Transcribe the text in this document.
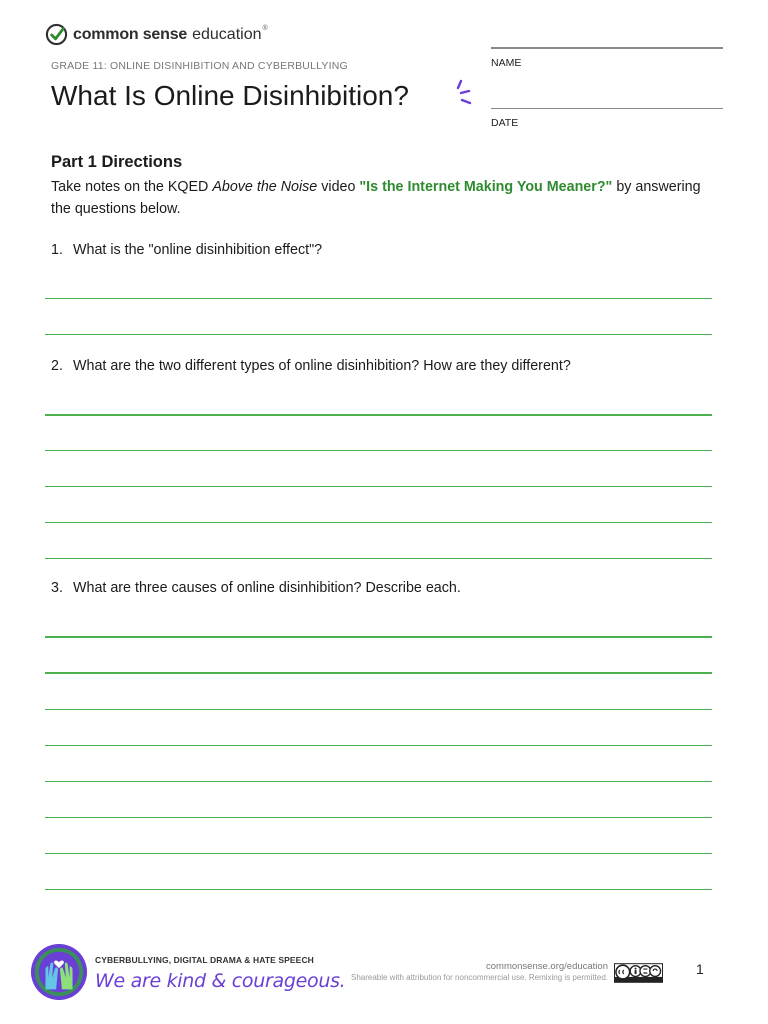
common sense education ®
GRADE 11: ONLINE DISINHIBITION AND CYBERBULLYING
What Is Online Disinhibition?
NAME
DATE
Part 1 Directions
Take notes on the KQED Above the Noise video "Is the Internet Making You Meaner?" by answering the questions below.
1. What is the "online disinhibition effect"?
2. What are the two different types of online disinhibition? How are they different?
3. What are three causes of online disinhibition? Describe each.
CYBERBULLYING, DIGITAL DRAMA & HATE SPEECH
We are kind & courageous.
commonsense.org/education
Shareable with attribution for noncommercial use. Remixing is permitted.
1
